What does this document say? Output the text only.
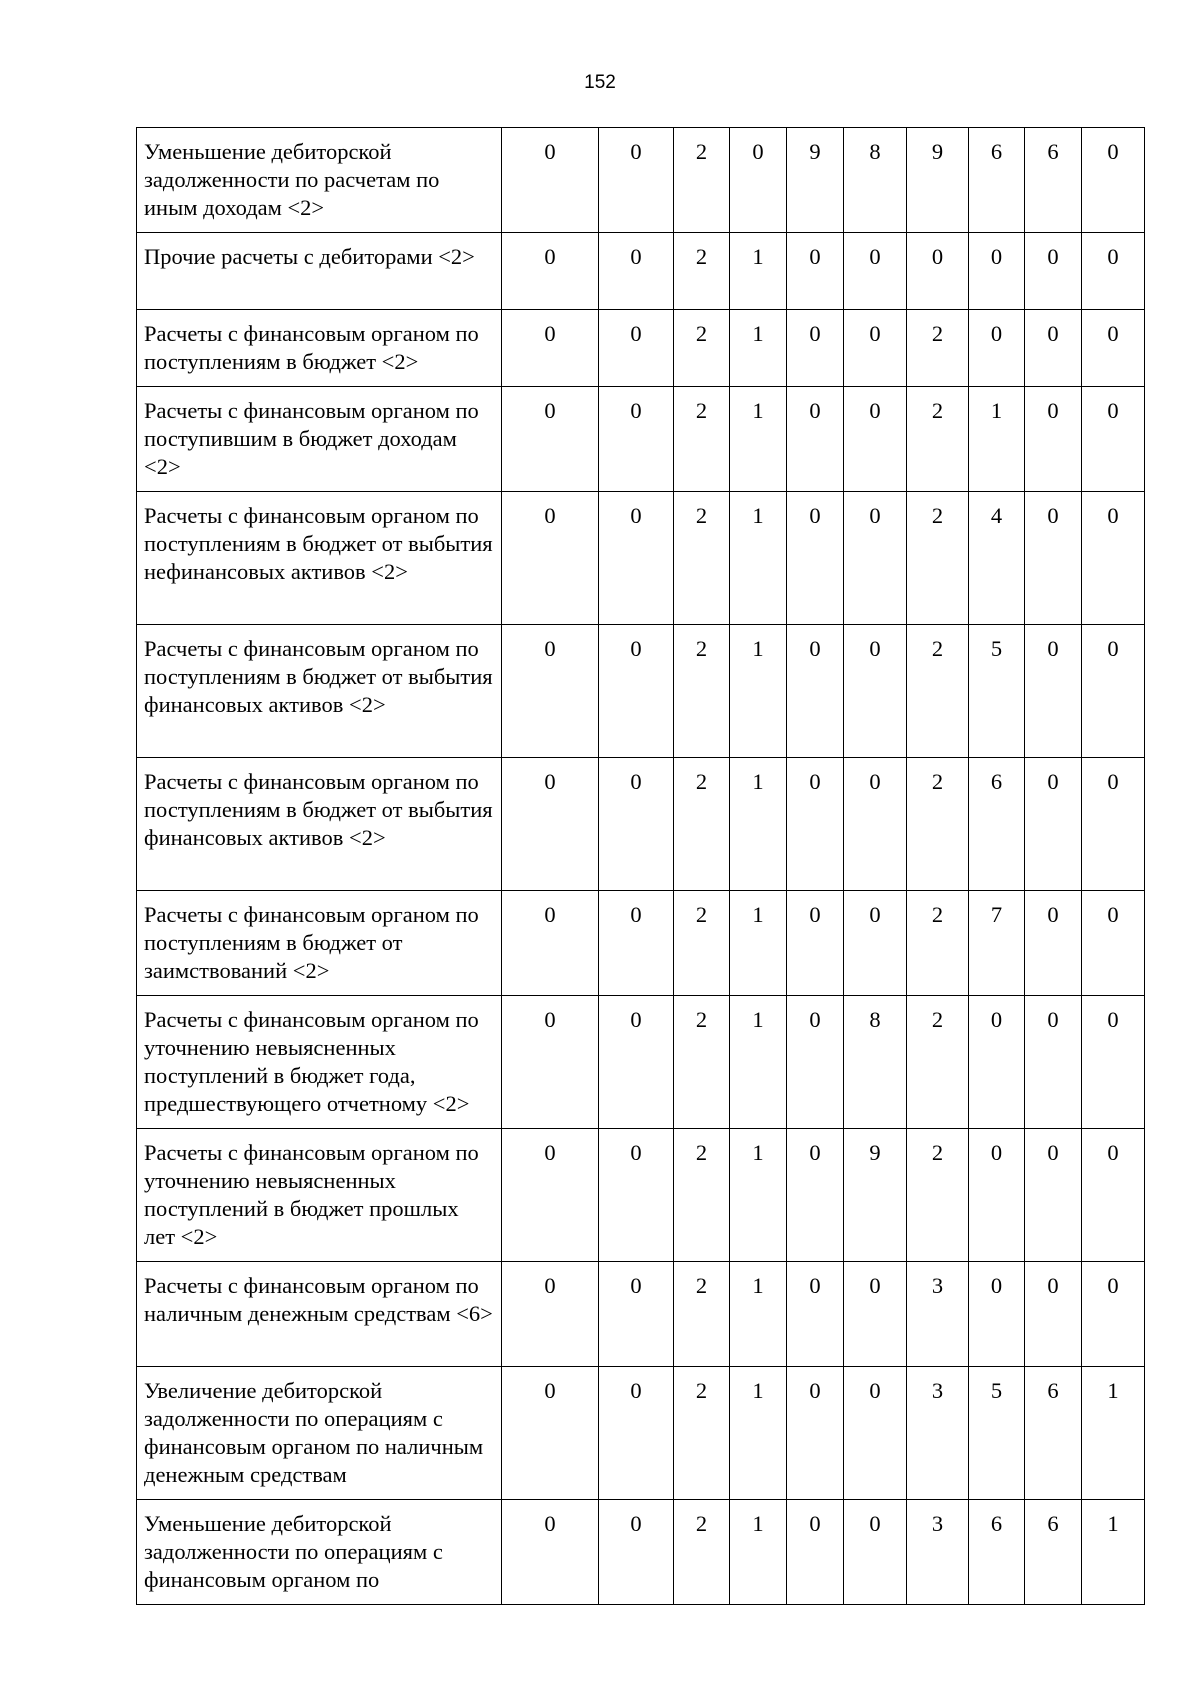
152
Уменьшение дебиторской задолженности по расчетам по иным доходам <2>	0	0	2	0	9	8	9	6	6	0
Прочие расчеты с дебиторами <2>	0	0	2	1	0	0	0	0	0	0
Расчеты с финансовым органом по поступлениям в бюджет <2>	0	0	2	1	0	0	2	0	0	0
Расчеты с финансовым органом по поступившим в бюджет доходам <2>	0	0	2	1	0	0	2	1	0	0
Расчеты с финансовым органом по поступлениям в бюджет от выбытия нефинансовых активов <2>	0	0	2	1	0	0	2	4	0	0
Расчеты с финансовым органом по поступлениям в бюджет от выбытия финансовых активов <2>	0	0	2	1	0	0	2	5	0	0
Расчеты с финансовым органом по поступлениям в бюджет от выбытия финансовых активов <2>	0	0	2	1	0	0	2	6	0	0
Расчеты с финансовым органом по поступлениям в бюджет от заимствований <2>	0	0	2	1	0	0	2	7	0	0
Расчеты с финансовым органом по уточнению невыясненных поступлений в бюджет года, предшествующего отчетному <2>	0	0	2	1	0	8	2	0	0	0
Расчеты с финансовым органом по уточнению невыясненных поступлений в бюджет прошлых лет <2>	0	0	2	1	0	9	2	0	0	0
Расчеты с финансовым органом по наличным денежным средствам <6>	0	0	2	1	0	0	3	0	0	0
Увеличение дебиторской задолженности по операциям с финансовым органом по наличным денежным средствам	0	0	2	1	0	0	3	5	6	1
Уменьшение дебиторской задолженности по операциям с финансовым органом по	0	0	2	1	0	0	3	6	6	1
